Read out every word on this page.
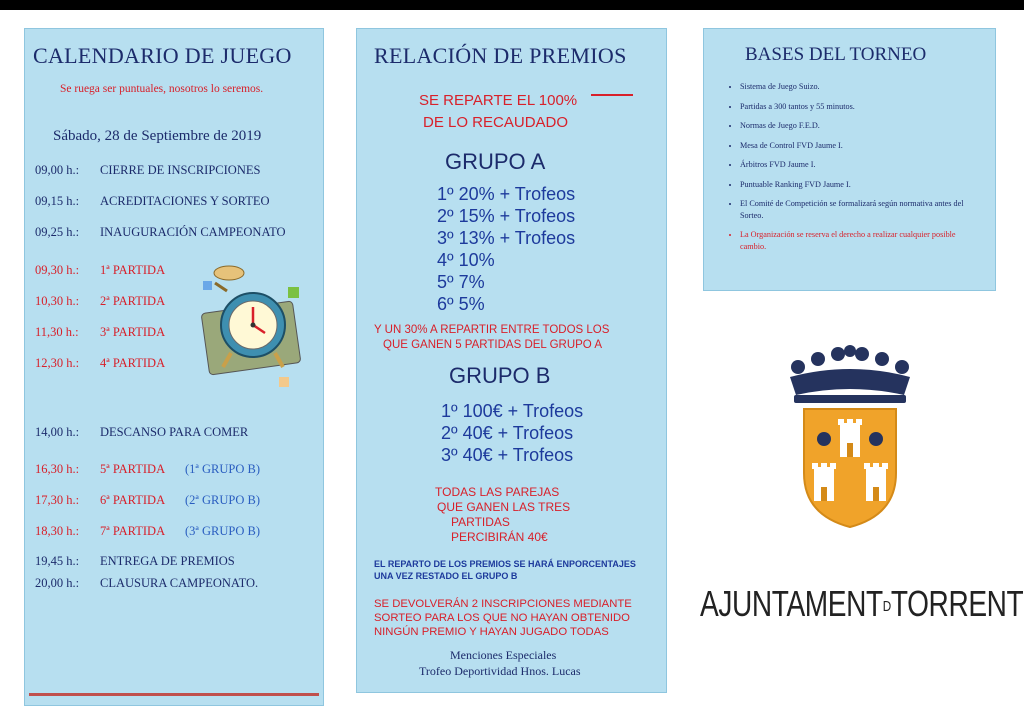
CALENDARIO DE JUEGO
Se ruega ser puntuales, nosotros lo seremos.
Sábado, 28 de Septiembre de 2019
09,00 h.: CIERRE DE INSCRIPCIONES
09,15 h.: ACREDITACIONES Y SORTEO
09,25 h.: INAUGURACIÓN CAMPEONATO
09,30 h.: 1ª PARTIDA
10,30 h.: 2ª PARTIDA
11,30 h.: 3ª PARTIDA
12,30 h.: 4ª PARTIDA
14,00 h.: DESCANSO PARA COMER
16,30 h.: 5ª PARTIDA (1ª GRUPO B)
17,30 h.: 6ª PARTIDA (2ª GRUPO B)
18,30 h.: 7ª PARTIDA (3ª GRUPO B)
19,45 h.: ENTREGA DE PREMIOS
20,00 h.: CLAUSURA CAMPEONATO.
RELACIÓN DE PREMIOS
SE REPARTE EL 100%
DE LO RECAUDADO
GRUPO A
1º 20% + Trofeos
2º 15% + Trofeos
3º 13% + Trofeos
4º 10%
5º 7%
6º 5%
Y UN 30% A REPARTIR ENTRE TODOS LOS
QUE GANEN 5 PARTIDAS DEL GRUPO A
GRUPO B
1º 100€ + Trofeos
2º 40€ + Trofeos
3º 40€ + Trofeos
TODAS LAS PAREJAS
QUE GANEN LAS TRES
PARTIDAS
PERCIBIRÁN 40€
EL REPARTO DE LOS PREMIOS SE HARÁ ENPORCENTAJES
UNA VEZ RESTADO EL GRUPO B
SE DEVOLVERÁN 2 INSCRIPCIONES MEDIANTE
SORTEO PARA LOS QUE NO HAYAN OBTENIDO
NINGÚN PREMIO Y HAYAN JUGADO TODAS
Menciones Especiales
Trofeo Deportividad Hnos. Lucas
BASES DEL TORNEO
• Sistema de Juego Suizo.
• Partidas a 300 tantos y 55 minutos.
• Normas de Juego F.E.D.
• Mesa de Control FVD Jaume I.
• Árbitros FVD Jaume I.
• Puntuable Ranking FVD Jaume I.
• El Comité de Competición se formalizará según normativa antes del Sorteo.
• La Organización se reserva el derecho a realizar cualquier posible cambio.
AJUNTAMENTDTORRENT
